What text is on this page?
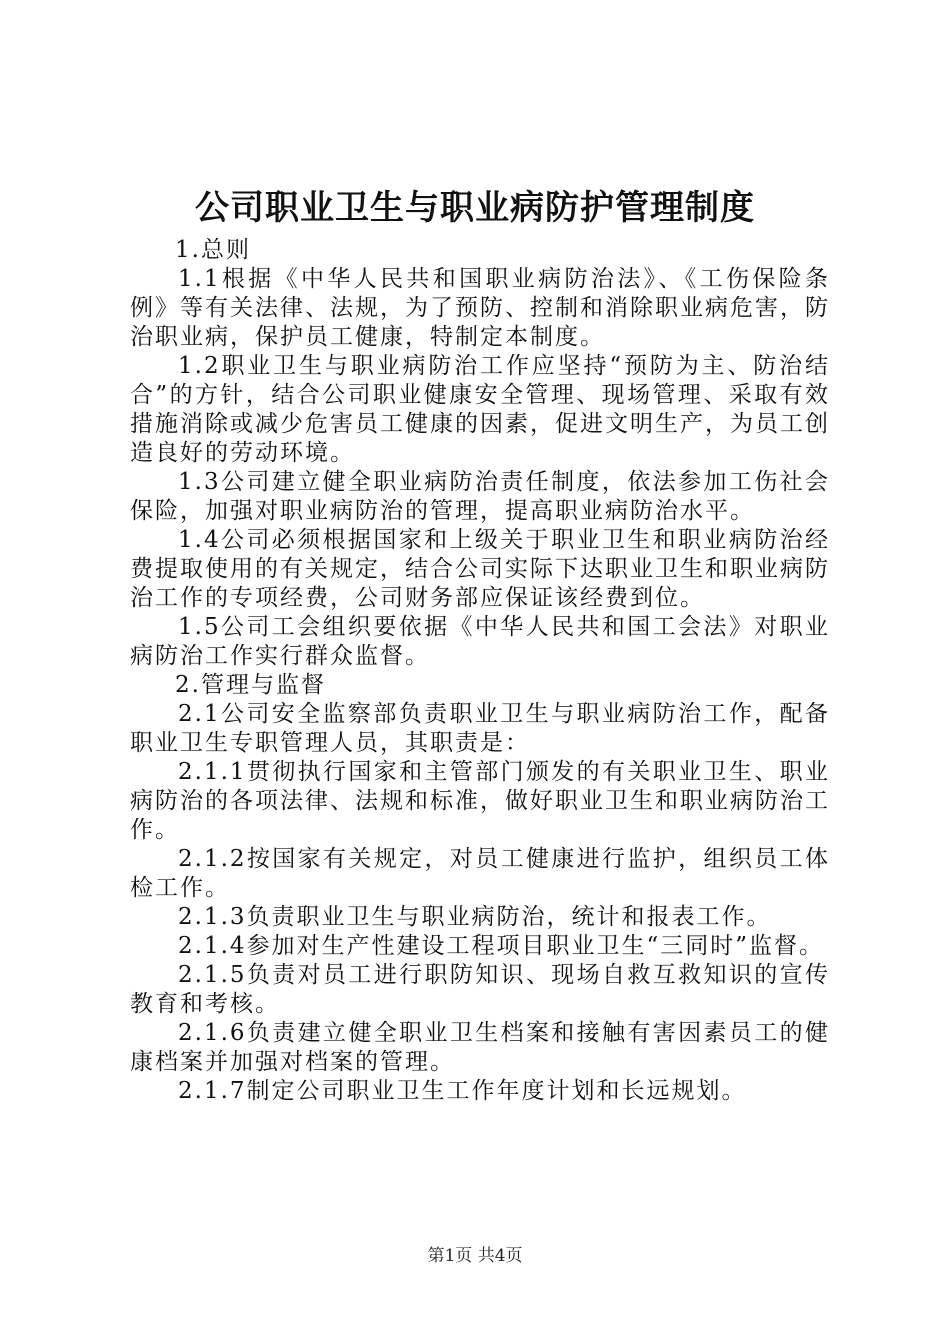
公司职业卫生与职业病防护管理制度

1.总则

1.1根据《中华人民共和国职业病防治法》、《工伤保险条例》等有关法律、法规，为了预防、控制和消除职业病危害，防治职业病，保护员工健康，特制定本制度。

1.2职业卫生与职业病防治工作应坚持“预防为主、防治结合”的方针，结合公司职业健康安全管理、现场管理、采取有效措施消除或减少危害员工健康的因素，促进文明生产，为员工创造良好的劳动环境。

1.3公司建立健全职业病防治责任制度，依法参加工伤社会保险，加强对职业病防治的管理，提高职业病防治水平。

1.4公司必须根据国家和上级关于职业卫生和职业病防治经费提取使用的有关规定，结合公司实际下达职业卫生和职业病防治工作的专项经费，公司财务部应保证该经费到位。

1.5公司工会组织要依据《中华人民共和国工会法》对职业病防治工作实行群众监督。

2.管理与监督

2.1公司安全监察部负责职业卫生与职业病防治工作，配备职业卫生专职管理人员，其职责是：

2.1.1贯彻执行国家和主管部门颁发的有关职业卫生、职业病防治的各项法律、法规和标准，做好职业卫生和职业病防治工作。

2.1.2按国家有关规定，对员工健康进行监护，组织员工体检工作。

2.1.3负责职业卫生与职业病防治，统计和报表工作。

2.1.4参加对生产性建设工程项目职业卫生“三同时”监督。

2.1.5负责对员工进行职防知识、现场自救互救知识的宣传教育和考核。

2.1.6负责建立健全职业卫生档案和接触有害因素员工的健康档案并加强对档案的管理。

2.1.7制定公司职业卫生工作年度计划和长远规划。

第1页 共4页
